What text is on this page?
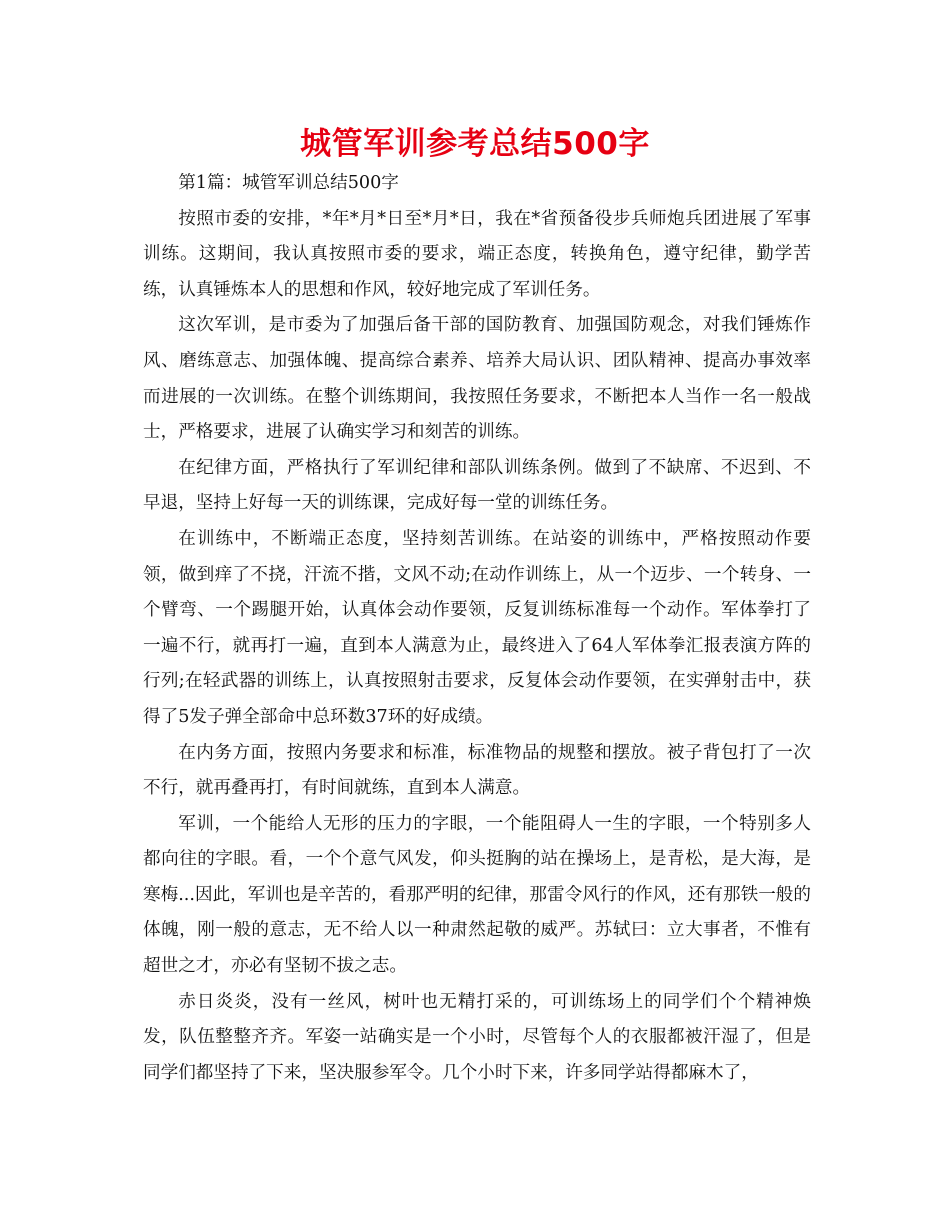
城管军训参考总结500字

第1篇：城管军训总结500字

按照市委的安排，*年*月*日至*月*日，我在*省预备役步兵师炮兵团进展了军事训练。这期间，我认真按照市委的要求，端正态度，转换角色，遵守纪律，勤学苦练，认真锤炼本人的思想和作风，较好地完成了军训任务。

这次军训，是市委为了加强后备干部的国防教育、加强国防观念，对我们锤炼作风、磨练意志、加强体魄、提高综合素养、培养大局认识、团队精神、提高办事效率而进展的一次训练。在整个训练期间，我按照任务要求，不断把本人当作一名一般战士，严格要求，进展了认确实学习和刻苦的训练。

在纪律方面，严格执行了军训纪律和部队训练条例。做到了不缺席、不迟到、不早退，坚持上好每一天的训练课，完成好每一堂的训练任务。

在训练中，不断端正态度，坚持刻苦训练。在站姿的训练中，严格按照动作要领，做到痒了不挠，汗流不揩，文风不动;在动作训练上，从一个迈步、一个转身、一个臂弯、一个踢腿开始，认真体会动作要领，反复训练标准每一个动作。军体拳打了一遍不行，就再打一遍，直到本人满意为止，最终进入了64人军体拳汇报表演方阵的行列;在轻武器的训练上，认真按照射击要求，反复体会动作要领，在实弹射击中，获得了5发子弹全部命中总环数37环的好成绩。

在内务方面，按照内务要求和标准，标准物品的规整和摆放。被子背包打了一次不行，就再叠再打，有时间就练，直到本人满意。

军训，一个能给人无形的压力的字眼，一个能阻碍人一生的字眼，一个特别多人都向往的字眼。看，一个个意气风发，仰头挺胸的站在操场上，是青松，是大海，是寒梅...因此，军训也是辛苦的，看那严明的纪律，那雷令风行的作风，还有那铁一般的体魄，刚一般的意志，无不给人以一种肃然起敬的威严。苏轼曰：立大事者，不惟有超世之才，亦必有坚韧不拔之志。

赤日炎炎，没有一丝风，树叶也无精打采的，可训练场上的同学们个个精神焕发，队伍整整齐齐。军姿一站确实是一个小时，尽管每个人的衣服都被汗湿了，但是同学们都坚持了下来，坚决服参军令。几个小时下来，许多同学站得都麻木了，
